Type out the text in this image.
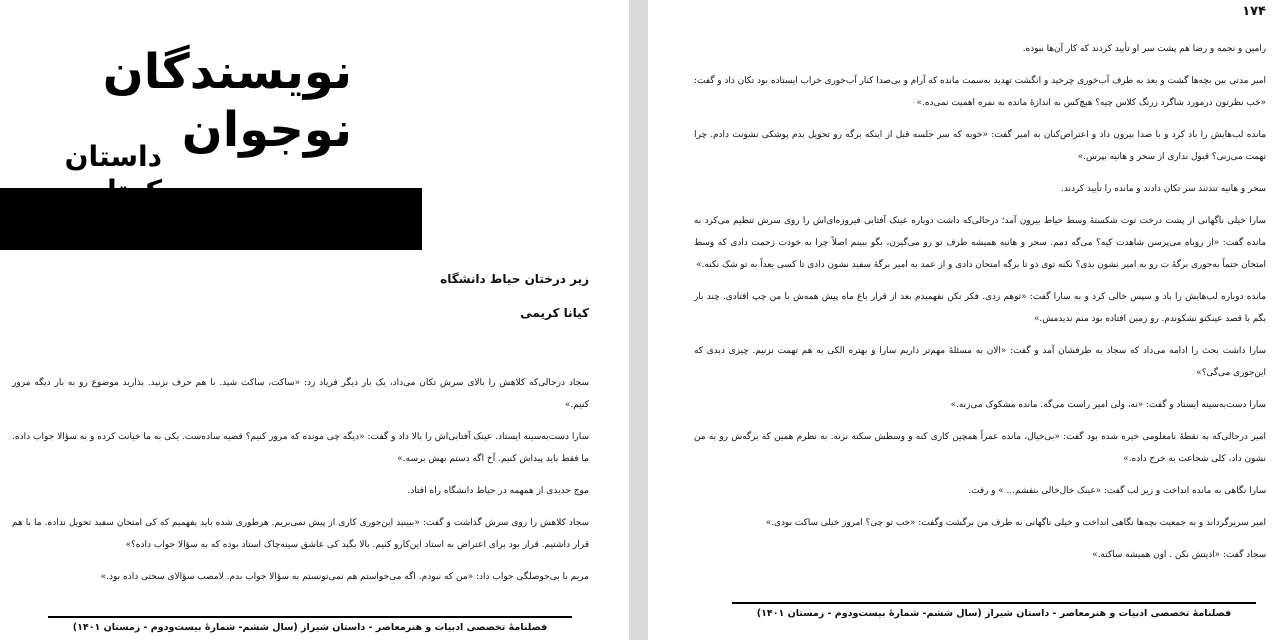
نویسندگان نوجوان
داستان
زیر درختان حیاط دانشگاه
کیانا کریمی

سجاد درحالی‌که کلاهش را بالای سرش تکان می‌داد، یک بار دیگر فریاد زد: «ساکت، ساکت شید. با هم حرف نزنید. بذارید موضوع رو به بار دیگه مرور کنیم.»

سارا دست‌به‌سینه ایستاد. عینک آفتابی‌اش را بالا داد و گفت: «دیگه چی مونده که مرور کنیم؟ قضیه ساده‌ست. یکی به ما خیانت کرده و به سؤالا جواب داده. ما فقط باید پیداش کنیم. آخ اگه دستم بهش برسه.»

موج جدیدی از همهمه در حیاط دانشگاه راه افتاد.

سجاد کلاهش را روی سرش گذاشت و گفت: «ببینید این‌جوری کاری از پیش نمی‌بریم. هرطوری شده باید بفهمیم که کی امتحان سفید تحویل نداده. ما با هم قرار داشتیم. قرار بود برای اعتراض به استاد این‌کارو کنیم. بالا بگید کی عاشق سینه‌چاک استاد بوده که به سؤالا جواب داده؟»

مریم با بی‌حوصلگی جواب داد: «من که نبودم. اگه می‌خواستم هم نمی‌تونستم به سؤالا جواب بدم. لامصب سؤالای سختی داده بود.»

فصلنامهٔ تخصصی ادبیات و هنرمعاصر - داستان شیراز (سال ششم- شمارهٔ بیست‌ودوم - زمستان ۱۴۰۱)
۱۷۴

رامین و نجمه و رضا هم پشت سر او تأیید کردند که کار آن‌ها نبوده.

امیر مدتی بین بچه‌ها گشت و بعد به طرف آب‌خوری چرخید و انگشت تهدید به‌سمت مانده که آرام و بی‌صدا کنار آب‌خوری خراب ایستاده بود تکان داد و گفت: «خب نظرتون درمورد شاگرد زرنگ کلاس چیه؟ هیچ‌کس به اندازهٔ مانده به نمره اهمیت نمی‌ده.»

مانده لب‌هایش را باد کرد و با صدا بیرون داد و اعتراض‌کنان به امیر گفت: «خوبه که سر جلسه قبل از اینکه برگه رو تحویل بدم پوشکی نشونت دادم. چرا تهمت می‌زنی؟ قبول نداری از سحر و هانیه بپرس.»

سحر و هانیه تندتند سر تکان دادند و مانده را تأیید کردند.

سارا خیلی ناگهانی از پشت درخت توت شکستهٔ وسط حیاط بیرون آمد؛ درحالی‌که داشت دوباره عینک آفتابی فیروزه‌ای‌اش را روی سرش تنظیم می‌کرد به مانده گفت: «از روباه می‌پرسن شاهدت کیه؟ می‌گه دمم. سحر و هانیه همیشه طرف تو رو می‌گیرن، بگو ببینم اصلاً چرا به خودت زحمت دادی که وسط امتحان حتماً به‌جوری برگهٔ ت رو به امیر نشون بدی؟ نکنه توی دو تا برگه امتحان دادی و از عمد به امیر برگهٔ سفید نشون دادی تا کسی بعداً به تو شک نکنه.»

مانده دوباره لب‌هایش را باد و سپس خالی کرد و به سارا گفت: «توهم زدی. فکر نکن نفهمیدم بعد از قرار باغ ماه پیش همه‌ش با من چپ افتادی. چند بار بگم با قصد عینکتو نشکوندم. رو زمین افتاده بود منم ندیدمش.»

سارا داشت بحث را ادامه می‌داد که سجاد به طرفشان آمد و گفت: «الان به مسئلهٔ مهم‌تر داریم سارا و بهتره الکی به هم تهمت نزنیم. چیزی دیدی که این‌جوری می‌گی؟»

سارا دست‌به‌سینه ایستاد و گفت: «نه، ولی امیر راست می‌گه. مانده مشکوک می‌زنه.»

امیر درحالی‌که به نقطهٔ نامعلومی خیره شده بود گفت: «بی‌خیال، مانده عمراً همچین کاری کنه و وسطش سکته نزنه. به نظرم همین که برگه‌ش رو به من نشون داد، کلی شجاعت به خرج داده.»

سارا نگاهی به مانده انداخت و زیر لب گفت: «عینک خال‌خالی بنفشم... » و رفت.

امیر سربرگرداند و به جمعیت بچه‌ها نگاهی انداخت و خیلی ناگهانی به طرف من برگشت وگفت: «خب تو چی؟ امروز خیلی ساکت بودی.»

سجاد گفت: «اذیتش نکن . اون همیشه ساکته.»

فصلنامهٔ تخصصی ادبیات و هنرمعاصر - داستان شیراز (سال ششم- شمارهٔ بیست‌ودوم - زمستان ۱۴۰۱)
